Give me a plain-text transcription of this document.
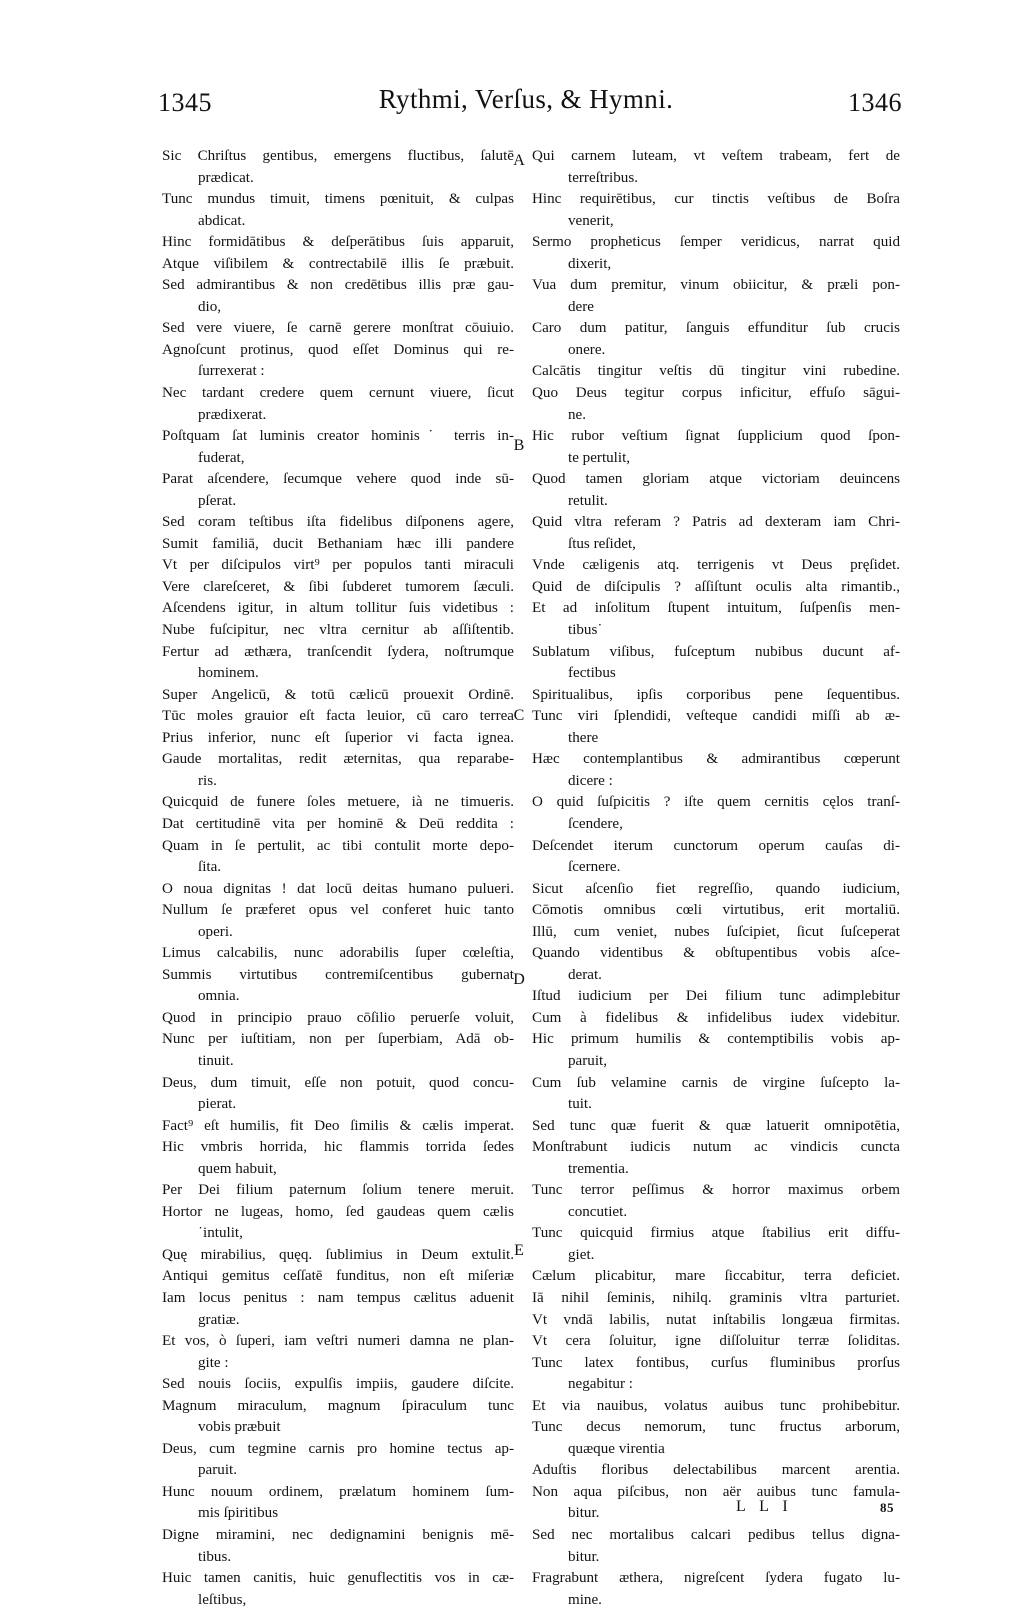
1345	Rythmi, Verſus, & Hymni.	1346

Sic Chriſtus gentibus, emergens fluctibus, ſalutē
prædicat.

Tunc mundus timuit, timens pœnituit, & culpas
abdicat.

Hinc formidātibus & deſperātibus ſuis apparuit,

Atque viſibilem & contrectabilē illis ſe præbuit.

Sed admirantibus & non credētibus illis præ gau-
dio,

Sed vere viuere, ſe carnē gerere monſtrat cōuiuio.

Agnoſcunt protinus, quod eſſet Dominus qui re-
ſurrexerat :

Nec tardant credere quem cernunt viuere, ſicut
prædixerat.

Poſtquam ſat luminis creator hominis˙ terris in-
fuderat,

Parat aſcendere, ſecumque vehere quod inde sū-
pſerat.

Sed coram teſtibus iſta fidelibus diſponens agere,

Sumit familiā, ducit Bethaniam hæc illi pandere

Vt per diſcipulos virt⁹ per populos tanti miraculi

Vere clareſceret, & ſibi ſubderet tumorem ſæculi.

Aſcendens igitur, in altum tollitur ſuis videtibus :

Nube fuſcipitur, nec vltra cernitur ab aſſiſtentib.

Fertur ad æthæra, tranſcendit ſydera, noſtrumque
hominem.

Super Angelicū, & totū cælicū prouexit Ordinē.

Tūc moles grauior eſt facta leuior, cū caro terrea

Prius inferior, nunc eſt ſuperior vi facta ignea.

Gaude mortalitas, redit æternitas, qua reparabe-
ris.

Quicquid de funere ſoles metuere, ià ne timueris.

Dat certitudinē vita per hominē & Deū reddita :

Quam in ſe pertulit, ac tibi contulit morte depo-
ſita.

O noua dignitas ! dat locū deitas humano pulueri.

Nullum ſe præferet opus vel conferet huic tanto
operi.

Limus calcabilis, nunc adorabilis ſuper cœleſtia,

Summis virtutibus contremiſcentibus gubernat
omnia.

Quod in principio prauo cōſilio peruerſe voluit,

Nunc per iuſtitiam, non per ſuperbiam, Adā ob-
tinuit.

Deus, dum timuit, eſſe non potuit, quod concu-
pierat.

Fact⁹ eſt humilis, fit Deo ſimilis & cælis imperat.

Hic vmbris horrida, hic flammis torrida ſedes
quem habuit,

Per Dei filium paternum ſolium tenere meruit.

Hortor ne lugeas, homo, ſed gaudeas quem cælis
˙intulit,

Quę mirabilius, quęq. ſublimius in Deum extulit.

Antiqui gemitus ceſſatē funditus, non eſt miſeriæ

Iam locus penitus : nam tempus cælitus aduenit
gratiæ.

Et vos, ò ſuperi, iam veſtri numeri damna ne plan-
gite :

Sed nouis ſociis, expulſis impiis, gaudere diſcite.

Magnum miraculum, magnum ſpiraculum tunc
vobis præbuit

Deus, cum tegmine carnis pro homine tectus ap-
paruit.

Hunc nouum ordinem, prælatum hominem ſum-
mis ſpiritibus

Digne miramini, nec dedignamini benignis mē-
tibus.

Huic tamen canitis, huic genuflectitis vos in cæ-
leſtibus,

Qui carnem luteam, vt veſtem trabeam, fert de
terreſtribus.

Hinc requirētibus, cur tinctis veſtibus de Boſra
venerit,

Sermo propheticus ſemper veridicus, narrat quid
dixerit,

Vua dum premitur, vinum obiicitur, & præli pon-
dere

Caro dum patitur, ſanguis effunditur ſub crucis
onere.

Calcātis tingitur veſtis dū tingitur vini rubedine.

Quo Deus tegitur corpus inficitur, effuſo sāgui-
ne.

Hic rubor veſtium ſignat ſupplicium quod ſpon-
te pertulit,

Quod tamen gloriam atque victoriam deuincens
retulit.

Quid vltra referam ? Patris ad dexteram iam Chri-
ſtus reſidet,

Vnde cæligenis atq. terrigenis vt Deus pręſidet.

Quid de diſcipulis ? aſſiſtunt oculis alta rimantib.,

Et ad inſolitum ſtupent intuitum, ſuſpenſis men-
tibus˙

Sublatum viſibus, fuſceptum nubibus ducunt af-
fectibus

Spiritualibus, ipſis corporibus pene ſequentibus.

Tunc viri ſplendidi, veſteque candidi miſſi ab æ-
there

Hæc contemplantibus & admirantibus cœperunt
dicere :

O quid ſuſpicitis ? iſte quem cernitis cęlos tranſ-
ſcendere,

Deſcendet iterum cunctorum operum cauſas di-
ſcernere.

Sicut aſcenſio fiet regreſſio, quando iudicium,

Cōmotis omnibus cœli virtutibus, erit mortaliū.

Illū, cum veniet, nubes ſuſcipiet, ſicut ſuſceperat

Quando videntibus & obſtupentibus vobis aſce-
derat.

Iſtud iudicium per Dei filium tunc adimplebitur

Cum à fidelibus & infidelibus iudex videbitur.

Hic primum humilis & contemptibilis vobis ap-
paruit,

Cum ſub velamine carnis de virgine ſuſcepto la-
tuit.

Sed tunc quæ fuerit & quæ latuerit omnipotētia,

Monſtrabunt iudicis nutum ac vindicis cuncta
trementia.

Tunc terror peſſimus & horror maximus orbem
concutiet.

Tunc quicquid firmius atque ſtabilius erit diffu-
giet.

Cælum plicabitur, mare ſiccabitur, terra deficiet.

Iā nihil ſeminis, nihilq. graminis vltra parturiet.

Vt vndā labilis, nutat inſtabilis longæua firmitas.

Vt cera ſoluitur, igne diſſoluitur terræ ſoliditas.

Tunc latex fontibus, curſus fluminibus prorſus
negabitur :

Et via nauibus, volatus auibus tunc prohibebitur.

Tunc decus nemorum, tunc fructus arborum,
quæque virentia

Aduſtis floribus delectabilibus marcent arentia.

Non aqua piſcibus, non aër auibus tunc famula-
bitur.

Sed nec mortalibus calcari pedibus tellus digna-
bitur.

Fragrabunt æthera, nigreſcent ſydera fugato lu-
mine.

A
B
C
D
E
L L I	85
